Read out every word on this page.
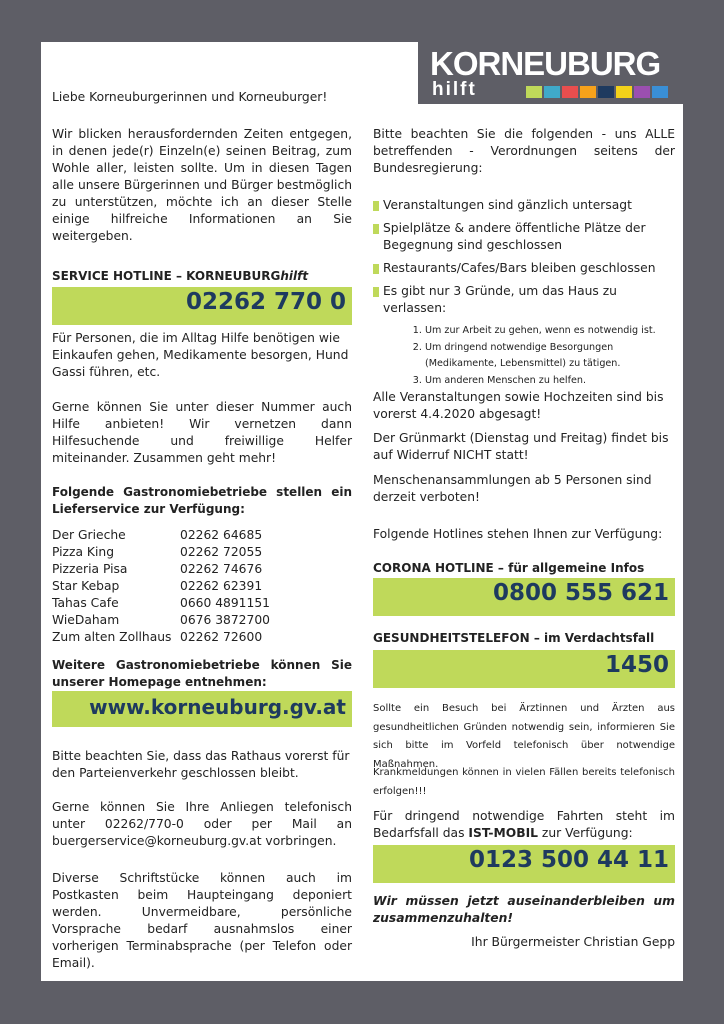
KORNEUBURG
hilft
Liebe Korneuburgerinnen und Korneuburger!
Wir blicken herausfordernden Zeiten entgegen, in denen jede(r) Einzeln(e) seinen Beitrag, zum Wohle aller, leisten sollte. Um in diesen Tagen alle unsere Bürgerinnen und Bürger bestmöglich zu unterstützen, möchte ich an dieser Stelle einige hilfreiche Informationen an Sie weitergeben.
SERVICE HOTLINE – KORNEUBURGhilft
02262 770 0
Für Personen, die im Alltag Hilfe benötigen wie Einkaufen gehen, Medikamente besorgen, Hund Gassi führen, etc.
Gerne können Sie unter dieser Nummer auch Hilfe anbieten! Wir vernetzen dann Hilfesuchende und freiwillige Helfer miteinander. Zusammen geht mehr!
Folgende Gastronomiebetriebe stellen ein Lieferservice zur Verfügung:
Der Grieche	02262 64685
Pizza King	02262 72055
Pizzeria Pisa	02262 74676
Star Kebap	02262 62391
Tahas Cafe	0660 4891151
WieDaham	0676 3872700
Zum alten Zollhaus 02262 72600
Weitere Gastronomiebetriebe können Sie unserer Homepage entnehmen:
www.korneuburg.gv.at
Bitte beachten Sie, dass das Rathaus vorerst für den Parteienverkehr geschlossen bleibt.
Gerne können Sie Ihre Anliegen telefonisch unter 02262/770-0 oder per Mail an buergerservice@korneuburg.gv.at vorbringen.
Diverse Schriftstücke können auch im Postkasten beim Haupteingang deponiert werden. Unvermeidbare, persönliche Vorsprache bedarf ausnahmslos einer vorherigen Terminabsprache (per Telefon oder Email).
Bitte beachten Sie die folgenden - uns ALLE betreffenden - Verordnungen seitens der Bundesregierung:
Veranstaltungen sind gänzlich untersagt
Spielplätze & andere öffentliche Plätze der Begegnung sind geschlossen
Restaurants/Cafes/Bars bleiben geschlossen
Es gibt nur 3 Gründe, um das Haus zu verlassen:
1. Um zur Arbeit zu gehen, wenn es notwendig ist.
2. Um dringend notwendige Besorgungen (Medikamente, Lebensmittel) zu tätigen.
3. Um anderen Menschen zu helfen.
Alle Veranstaltungen sowie Hochzeiten sind bis vorerst 4.4.2020 abgesagt!
Der Grünmarkt (Dienstag und Freitag) findet bis auf Widerruf NICHT statt!
Menschenansammlungen ab 5 Personen sind derzeit verboten!
Folgende Hotlines stehen Ihnen zur Verfügung:
CORONA HOTLINE – für allgemeine Infos
0800 555 621
GESUNDHEITSTELEFON – im Verdachtsfall
1450
Sollte ein Besuch bei Ärztinnen und Ärzten aus gesundheitlichen Gründen notwendig sein, informieren Sie sich bitte im Vorfeld telefonisch über notwendige Maßnahmen.
Krankmeldungen können in vielen Fällen bereits telefonisch erfolgen!!!
Für dringend notwendige Fahrten steht im Bedarfsfall das IST-MOBIL zur Verfügung:
0123 500 44 11
Wir müssen jetzt auseinanderbleiben um zusammenzuhalten!
Ihr Bürgermeister Christian Gepp
